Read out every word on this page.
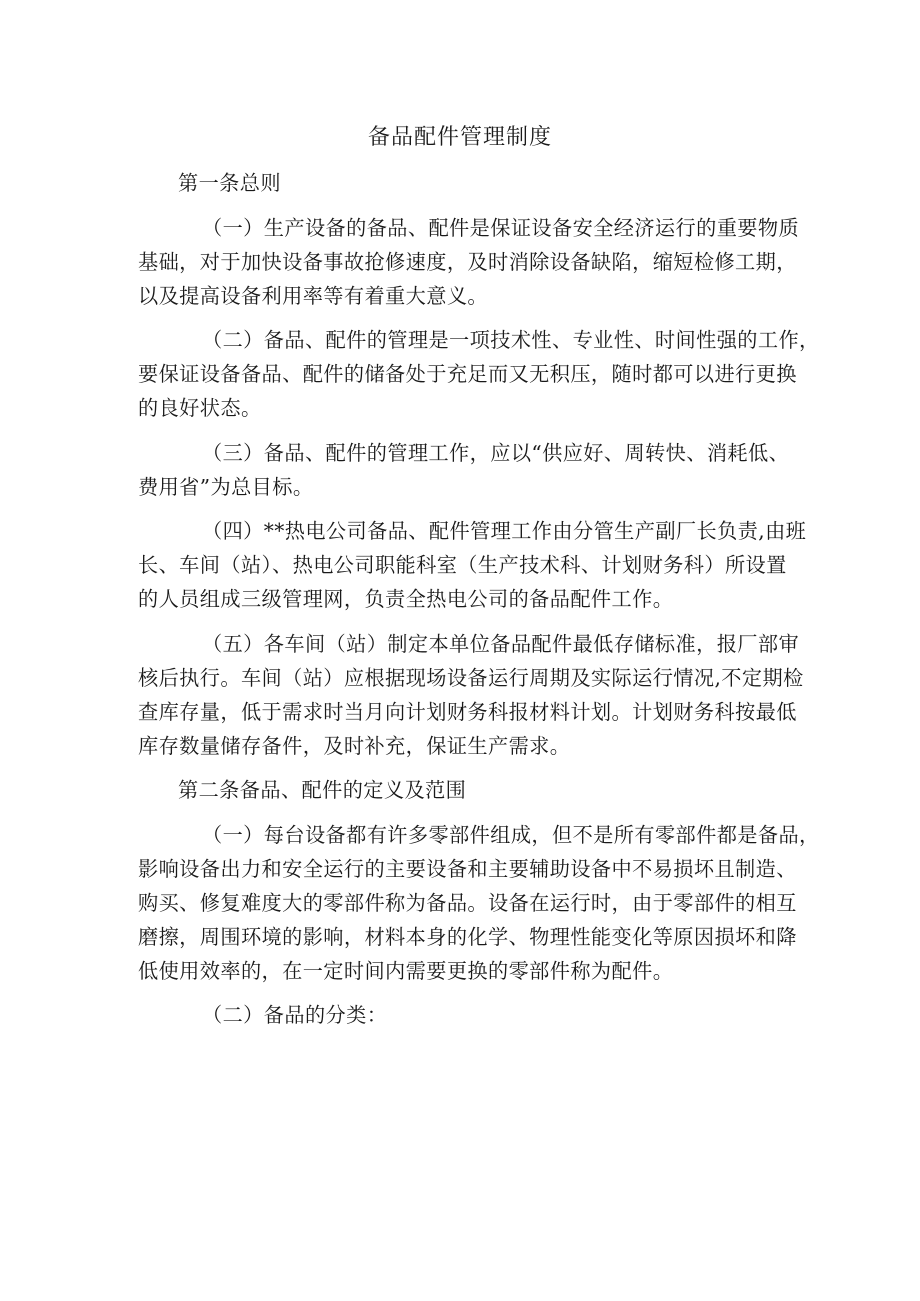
备品配件管理制度
第一条总则
（一）生产设备的备品、配件是保证设备安全经济运行的重要物质
基础，对于加快设备事故抢修速度，及时消除设备缺陷，缩短检修工期，
以及提高设备利用率等有着重大意义。
（二）备品、配件的管理是一项技术性、专业性、时间性强的工作，
要保证设备备品、配件的储备处于充足而又无积压，随时都可以进行更换
的良好状态。
（三）备品、配件的管理工作，应以“供应好、周转快、消耗低、
费用省”为总目标。
（四）**热电公司备品、配件管理工作由分管生产副厂长负责,由班
长、车间（站）、热电公司职能科室（生产技术科、计划财务科）所设置
的人员组成三级管理网，负责全热电公司的备品配件工作。
（五）各车间（站）制定本单位备品配件最低存储标准，报厂部审
核后执行。车间（站）应根据现场设备运行周期及实际运行情况,不定期检
查库存量，低于需求时当月向计划财务科报材料计划。计划财务科按最低
库存数量储存备件，及时补充，保证生产需求。
第二条备品、配件的定义及范围
（一）每台设备都有许多零部件组成，但不是所有零部件都是备品，
影响设备出力和安全运行的主要设备和主要辅助设备中不易损坏且制造、
购买、修复难度大的零部件称为备品。设备在运行时，由于零部件的相互
磨擦，周围环境的影响，材料本身的化学、物理性能变化等原因损坏和降
低使用效率的，在一定时间内需要更换的零部件称为配件。
（二）备品的分类：
